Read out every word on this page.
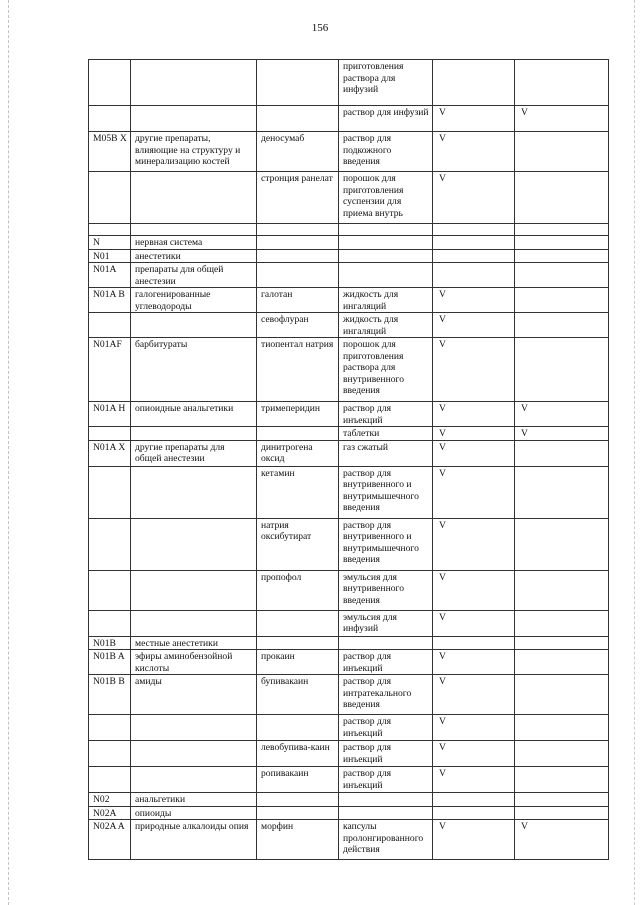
156
			приготовления раствора для инфузий		
			раствор для инфузий	V	V
M05B X	другие препараты, влияющие на структуру и минерализацию костей	деносумаб	раствор для подкожного введения	V	
		стронция ранелат	порошок для приготовления суспензии для приема внутрь	V	

N	нервная система				
N01	анестетики				
N01A	препараты для общей анестезии				
N01A B	галогенированные углеводороды	галотан	жидкость для ингаляций	V	
		севофлуран	жидкость для ингаляций	V	
N01AF	барбитураты	тиопентал натрия	порошок для приготовления раствора для внутривенного введения	V	
N01A H	опиоидные анальгетики	тримеперидин	раствор для инъекций	V	V
			таблетки	V	V
N01A X	другие препараты для общей анестезии	динитрогена оксид	газ сжатый	V	
		кетамин	раствор для внутривенного и внутримышечного введения	V	
		натрия оксибутират	раствор для внутривенного и внутримышечного введения	V	
		пропофол	эмульсия для внутривенного введения	V	
			эмульсия для инфузий	V	
N01B	местные анестетики				
N01B A	эфиры аминобензойной кислоты	прокаин	раствор для инъекций	V	
N01B B	амиды	бупивакаин	раствор для интратекального введения	V	
			раствор для инъекций	V	
		левобупива-каин	раствор для инъекций	V	
		ропивакаин	раствор для инъекций	V	
N02	анальгетики				
N02A	опиоиды				
N02A A	природные алкалоиды опия	морфин	капсулы пролонгированного действия	V	V
